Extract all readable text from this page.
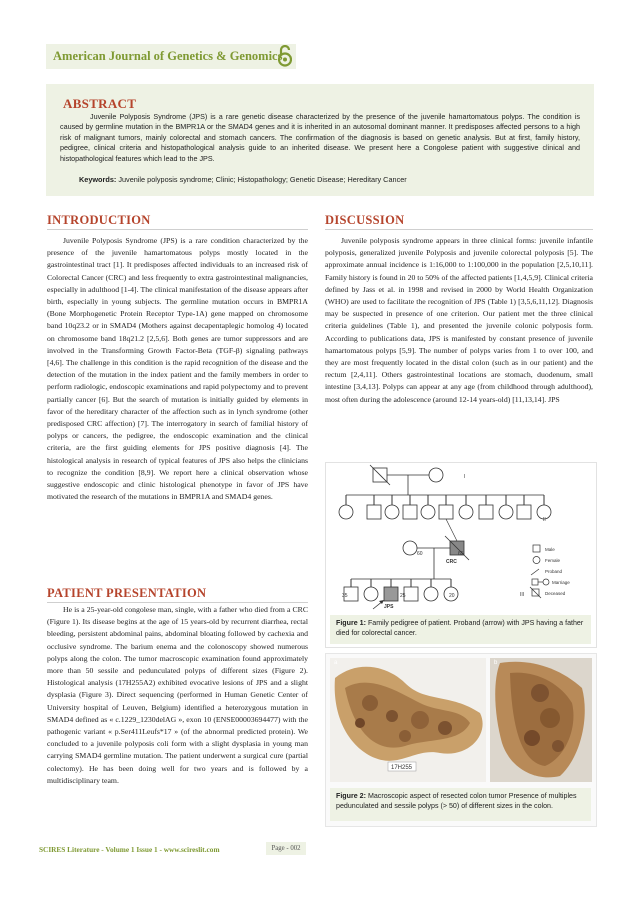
American Journal of Genetics & Genomics
ABSTRACT
Juvenile Polyposis Syndrome (JPS) is a rare genetic disease characterized by the presence of the juvenile hamartomatous polyps. The condition is caused by germline mutation in the BMPR1A or the SMAD4 genes and it is inherited in an autosomal dominant manner. It predisposes affected persons to a high risk of malignant tumors, mainly colorectal and stomach cancers. The confirmation of the diagnosis is based on genetic analysis. But at first, family history, pedigree, clinical criteria and histopathological analysis guide to an inherited disease. We present here a Congolese patient with suggestive clinical and histopathological features which lead to the JPS.
Keywords: Juvenile polyposis syndrome; Clinic; Histopathology; Genetic Disease; Hereditary Cancer
INTRODUCTION

Juvenile Polyposis Syndrome (JPS) is a rare condition characterized by the presence of the juvenile hamartomatous polyps mostly located in the gastrointestinal tract [1]. It predisposes affected individuals to an increased risk of Colorectal Cancer (CRC) and less frequently to extra gastrointestinal malignancies, especially in adulthood [1-4]. The clinical manifestation of the disease appears after birth, especially in young subjects. The germline mutation occurs in BMPR1A (Bone Morphogenetic Protein Receptor Type-1A) gene mapped on chromosome band 10q23.2 or in SMAD4 (Mothers against decapentaplegic homolog 4) located on chromosome band 18q21.2 [2,5,6]. Both genes are tumor suppressors and are involved in the Transforming Growth Factor-Beta (TGF-β) signaling pathways [4,6]. The challenge in this condition is the rapid recognition of the disease and the detection of the mutation in the index patient and the family members in order to perform radiologic, endoscopic examinations and rapid polypectomy and to prevent partially cancer [6]. But the search of mutation is initially guided by elements in favor of the hereditary character of the affection such as in lynch syndrome (other predisposed CRC affection) [7]. The interrogatory in search of familial history of polyps or cancers, the pedigree, the endoscopic examination and the clinical criteria, are the first guiding elements for JPS positive diagnosis [4]. The histological analysis in research of typical features of JPS also helps the clinicians to recognize the condition [8,9]. We report here a clinical observation whose suggestive endoscopic and clinic histological phenotype in favor of JPS have motivated the research of the mutations in BMPR1A and SMAD4 genes.

PATIENT PRESENTATION

He is a 25-year-old congolese man, single, with a father who died from a CRC (Figure 1). Its disease begins at the age of 15 years-old by recurrent diarrhea, rectal bleeding, persistent abdominal pains, abdominal bloating followed by cachexia and occlusive syndrome. The barium enema and the colonoscopy showed numerous polyps along the colon. The tumor macroscopic examination found approximately more than 50 sessile and pedunculated polyps of different sizes (Figure 2). Histological analysis (17H255A2) exhibited evocative lesions of JPS and a slight dysplasia (Figure 3). Direct sequencing (performed in Human Genetic Center of University hospital of Leuven, Belgium) identified a heterozygous mutation in SMAD4 defined as « c.1229_1230delAG », exon 10 (ENSE00003694477) with the pathogenic variant « p.Ser411Leufs*17 » (of the abnormal predicted protein). We concluded to a juvenile polyposis coli form with a slight dysplasia in young man carrying SMAD4 germline mutation. The patient underwent a surgical cure (partial colectomy). He has been doing well for two years and is followed by a multidisciplinary team.

DISCUSSION

Juvenile polyposis syndrome appears in three clinical forms: juvenile infantile polyposis, generalized juvenile Polyposis and juvenile colorectal polyposis [5]. The approximate annual incidence is 1:16,000 to 1:100,000 in the population [2,5,10,11]. Family history is found in 20 to 50% of the affected patients [1,4,5,9]. Clinical criteria defined by Jass et al. in 1998 and revised in 2000 by World Health Organization (WHO) are used to facilitate the recognition of JPS (Table 1) [3,5,6,11,12]. Diagnosis may be suspected in presence of one criterion. Our patient met the three clinical criteria guidelines (Table 1), and presented the juvenile colonic polyposis form. According to publications data, JPS is manifested by constant presence of juvenile hamartomatous polyps [5,9]. The number of polyps varies from 1 to over 100, and they are most frequently located in the distal colon (such as in our patient) and the rectum [2,4,11]. Others gastrointestinal locations are stomach, duodenum, small intestine [3,4,13]. Polyps can appear at any age (from childhood through adulthood), most often during the adolescence (around 12-14 years-old) [11,13,14]. JPS

I
II
60	65
CRC
35	25	20
JPS
III
Male
Female
Proband
Marriage
Deceased
Figure 1: Family pedigree of patient. Proband (arrow) with JPS having a father died for colorectal cancer.
17H255
a	b
Figure 2: Macroscopic aspect of resected colon tumor Presence of multiples pedunculated and sessile polyps (> 50) of different sizes in the colon.
SCIRES Literature - Volume 1 Issue 1 - www.scireslit.com	Page - 002
